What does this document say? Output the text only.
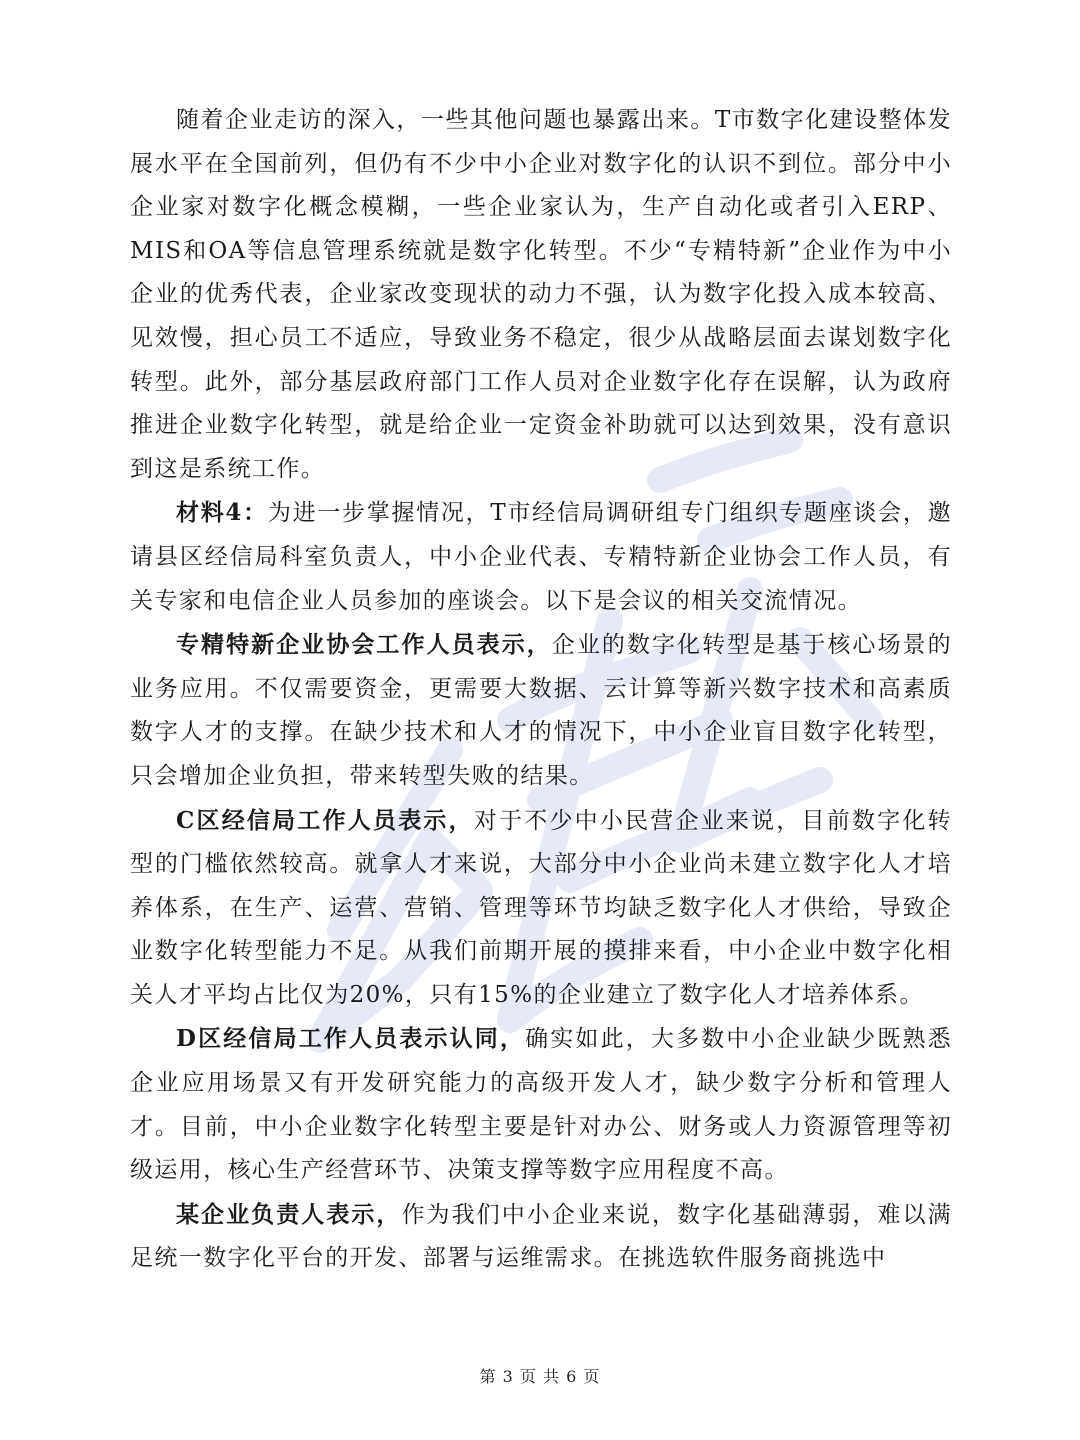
随着企业走访的深入，一些其他问题也暴露出来。T市数字化建设整体发展水平在全国前列，但仍有不少中小企业对数字化的认识不到位。部分中小企业家对数字化概念模糊，一些企业家认为，生产自动化或者引入ERP、MIS和OA等信息管理系统就是数字化转型。不少“专精特新”企业作为中小企业的优秀代表，企业家改变现状的动力不强，认为数字化投入成本较高、见效慢，担心员工不适应，导致业务不稳定，很少从战略层面去谋划数字化转型。此外，部分基层政府部门工作人员对企业数字化存在误解，认为政府推进企业数字化转型，就是给企业一定资金补助就可以达到效果，没有意识到这是系统工作。

材料4：为进一步掌握情况，T市经信局调研组专门组织专题座谈会，邀请县区经信局科室负责人，中小企业代表、专精特新企业协会工作人员，有关专家和电信企业人员参加的座谈会。以下是会议的相关交流情况。

专精特新企业协会工作人员表示，企业的数字化转型是基于核心场景的业务应用。不仅需要资金，更需要大数据、云计算等新兴数字技术和高素质数字人才的支撑。在缺少技术和人才的情况下，中小企业盲目数字化转型，只会增加企业负担，带来转型失败的结果。

C区经信局工作人员表示，对于不少中小民营企业来说，目前数字化转型的门槛依然较高。就拿人才来说，大部分中小企业尚未建立数字化人才培养体系，在生产、运营、营销、管理等环节均缺乏数字化人才供给，导致企业数字化转型能力不足。从我们前期开展的摸排来看，中小企业中数字化相关人才平均占比仅为20%，只有15%的企业建立了数字化人才培养体系。

D区经信局工作人员表示认同，确实如此，大多数中小企业缺少既熟悉企业应用场景又有开发研究能力的高级开发人才，缺少数字分析和管理人才。目前，中小企业数字化转型主要是针对办公、财务或人力资源管理等初级运用，核心生产经营环节、决策支撑等数字应用程度不高。

某企业负责人表示，作为我们中小企业来说，数字化基础薄弱，难以满足统一数字化平台的开发、部署与运维需求。在挑选软件服务商挑选中

第 3 页 共 6 页
